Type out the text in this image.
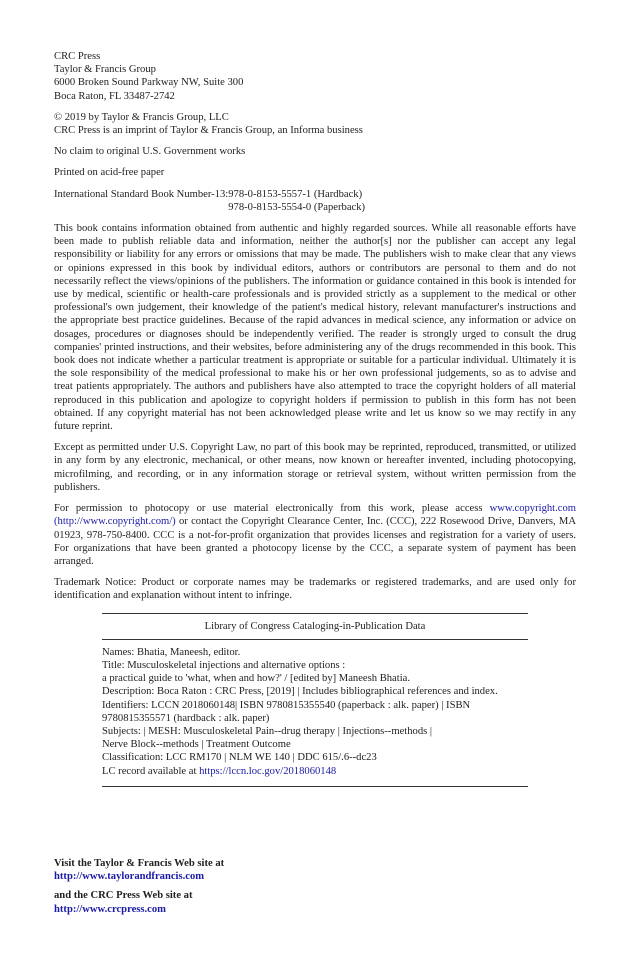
CRC Press
Taylor & Francis Group
6000 Broken Sound Parkway NW, Suite 300
Boca Raton, FL 33487-2742
© 2019 by Taylor & Francis Group, LLC
CRC Press is an imprint of Taylor & Francis Group, an Informa business
No claim to original U.S. Government works
Printed on acid-free paper
International Standard Book Number-13: 978-0-8153-5557-1 (Hardback)
978-0-8153-5554-0 (Paperback)

This book contains information obtained from authentic and highly regarded sources. While all reasonable efforts have been made to publish reliable data and information, neither the author[s] nor the publisher can accept any legal responsibility or liability for any errors or omissions that may be made. The publishers wish to make clear that any views or opinions expressed in this book by individual editors, authors or contributors are personal to them and do not necessarily reflect the views/opinions of the publishers. The information or guidance contained in this book is intended for use by medical, scientific or health-care professionals and is provided strictly as a supplement to the medical or other professional's own judgement, their knowledge of the patient's medical history, relevant manufacturer's instructions and the appropriate best practice guidelines. Because of the rapid advances in medical science, any information or advice on dosages, procedures or diagnoses should be independently verified. The reader is strongly urged to consult the drug companies' printed instructions, and their websites, before administering any of the drugs recommended in this book. This book does not indicate whether a particular treatment is appropriate or suitable for a particular individual. Ultimately it is the sole responsibility of the medical professional to make his or her own professional judgements, so as to advise and treat patients appropriately. The authors and publishers have also attempted to trace the copyright holders of all material reproduced in this publication and apologize to copyright holders if permission to publish in this form has not been obtained. If any copyright material has not been acknowledged please write and let us know so we may rectify in any future reprint.

Except as permitted under U.S. Copyright Law, no part of this book may be reprinted, reproduced, transmitted, or utilized in any form by any electronic, mechanical, or other means, now known or hereafter invented, including photocopying, microfilming, and recording, or in any information storage or retrieval system, without written permission from the publishers.

For permission to photocopy or use material electronically from this work, please access www.copyright.com (http://www.copyright.com/) or contact the Copyright Clearance Center, Inc. (CCC), 222 Rosewood Drive, Danvers, MA 01923, 978-750-8400. CCC is a not-for-profit organization that provides licenses and registration for a variety of users. For organizations that have been granted a photocopy license by the CCC, a separate system of payment has been arranged.

Trademark Notice: Product or corporate names may be trademarks or registered trademarks, and are used only for identification and explanation without intent to infringe.

Library of Congress Cataloging-in-Publication Data
Names: Bhatia, Maneesh, editor.
Title: Musculoskeletal injections and alternative options :
a practical guide to 'what, when and how?' / [edited by] Maneesh Bhatia.
Description: Boca Raton : CRC Press, [2019] | Includes bibliographical references and index.
Identifiers: LCCN 2018060148| ISBN 9780815355540 (paperback : alk. paper) | ISBN
9780815355571 (hardback : alk. paper)
Subjects: | MESH: Musculoskeletal Pain--drug therapy | Injections--methods |
Nerve Block--methods | Treatment Outcome
Classification: LCC RM170 | NLM WE 140 | DDC 615/.6--dc23
LC record available at https://lccn.loc.gov/2018060148
Visit the Taylor & Francis Web site at
http://www.taylorandfrancis.com
and the CRC Press Web site at
http://www.crcpress.com
